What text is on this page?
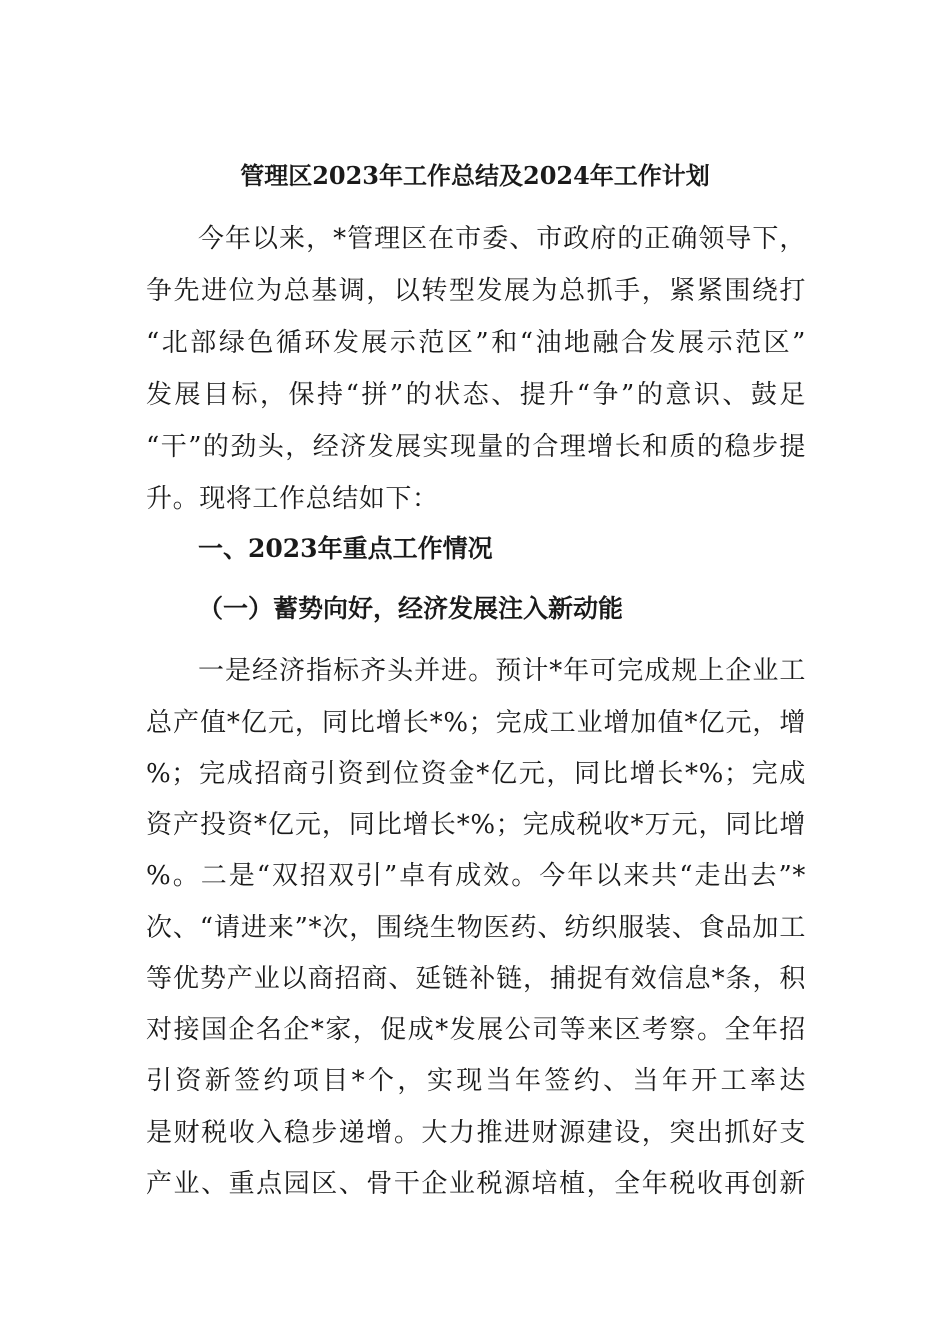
管理区2023年工作总结及2024年工作计划
今年以来，*管理区在市委、市政府的正确领导下，
争先进位为总基调，以转型发展为总抓手，紧紧围绕打
“北部绿色循环发展示范区”和“油地融合发展示范区”
发展目标，保持“拼”的状态、提升“争”的意识、鼓足
“干”的劲头，经济发展实现量的合理增长和质的稳步提
升。现将工作总结如下：
一、2023年重点工作情况
（一）蓄势向好，经济发展注入新动能
一是经济指标齐头并进。预计*年可完成规上企业工
总产值*亿元，同比增长*%；完成工业增加值*亿元，增
%；完成招商引资到位资金*亿元，同比增长*%；完成
资产投资*亿元，同比增长*%；完成税收*万元，同比增
%。二是“双招双引”卓有成效。今年以来共“走出去”*
次、“请进来”*次，围绕生物医药、纺织服装、食品加工
等优势产业以商招商、延链补链，捕捉有效信息*条，积
对接国企名企*家，促成*发展公司等来区考察。全年招
引资新签约项目*个，实现当年签约、当年开工率达
是财税收入稳步递增。大力推进财源建设，突出抓好支
产业、重点园区、骨干企业税源培植，全年税收再创新
